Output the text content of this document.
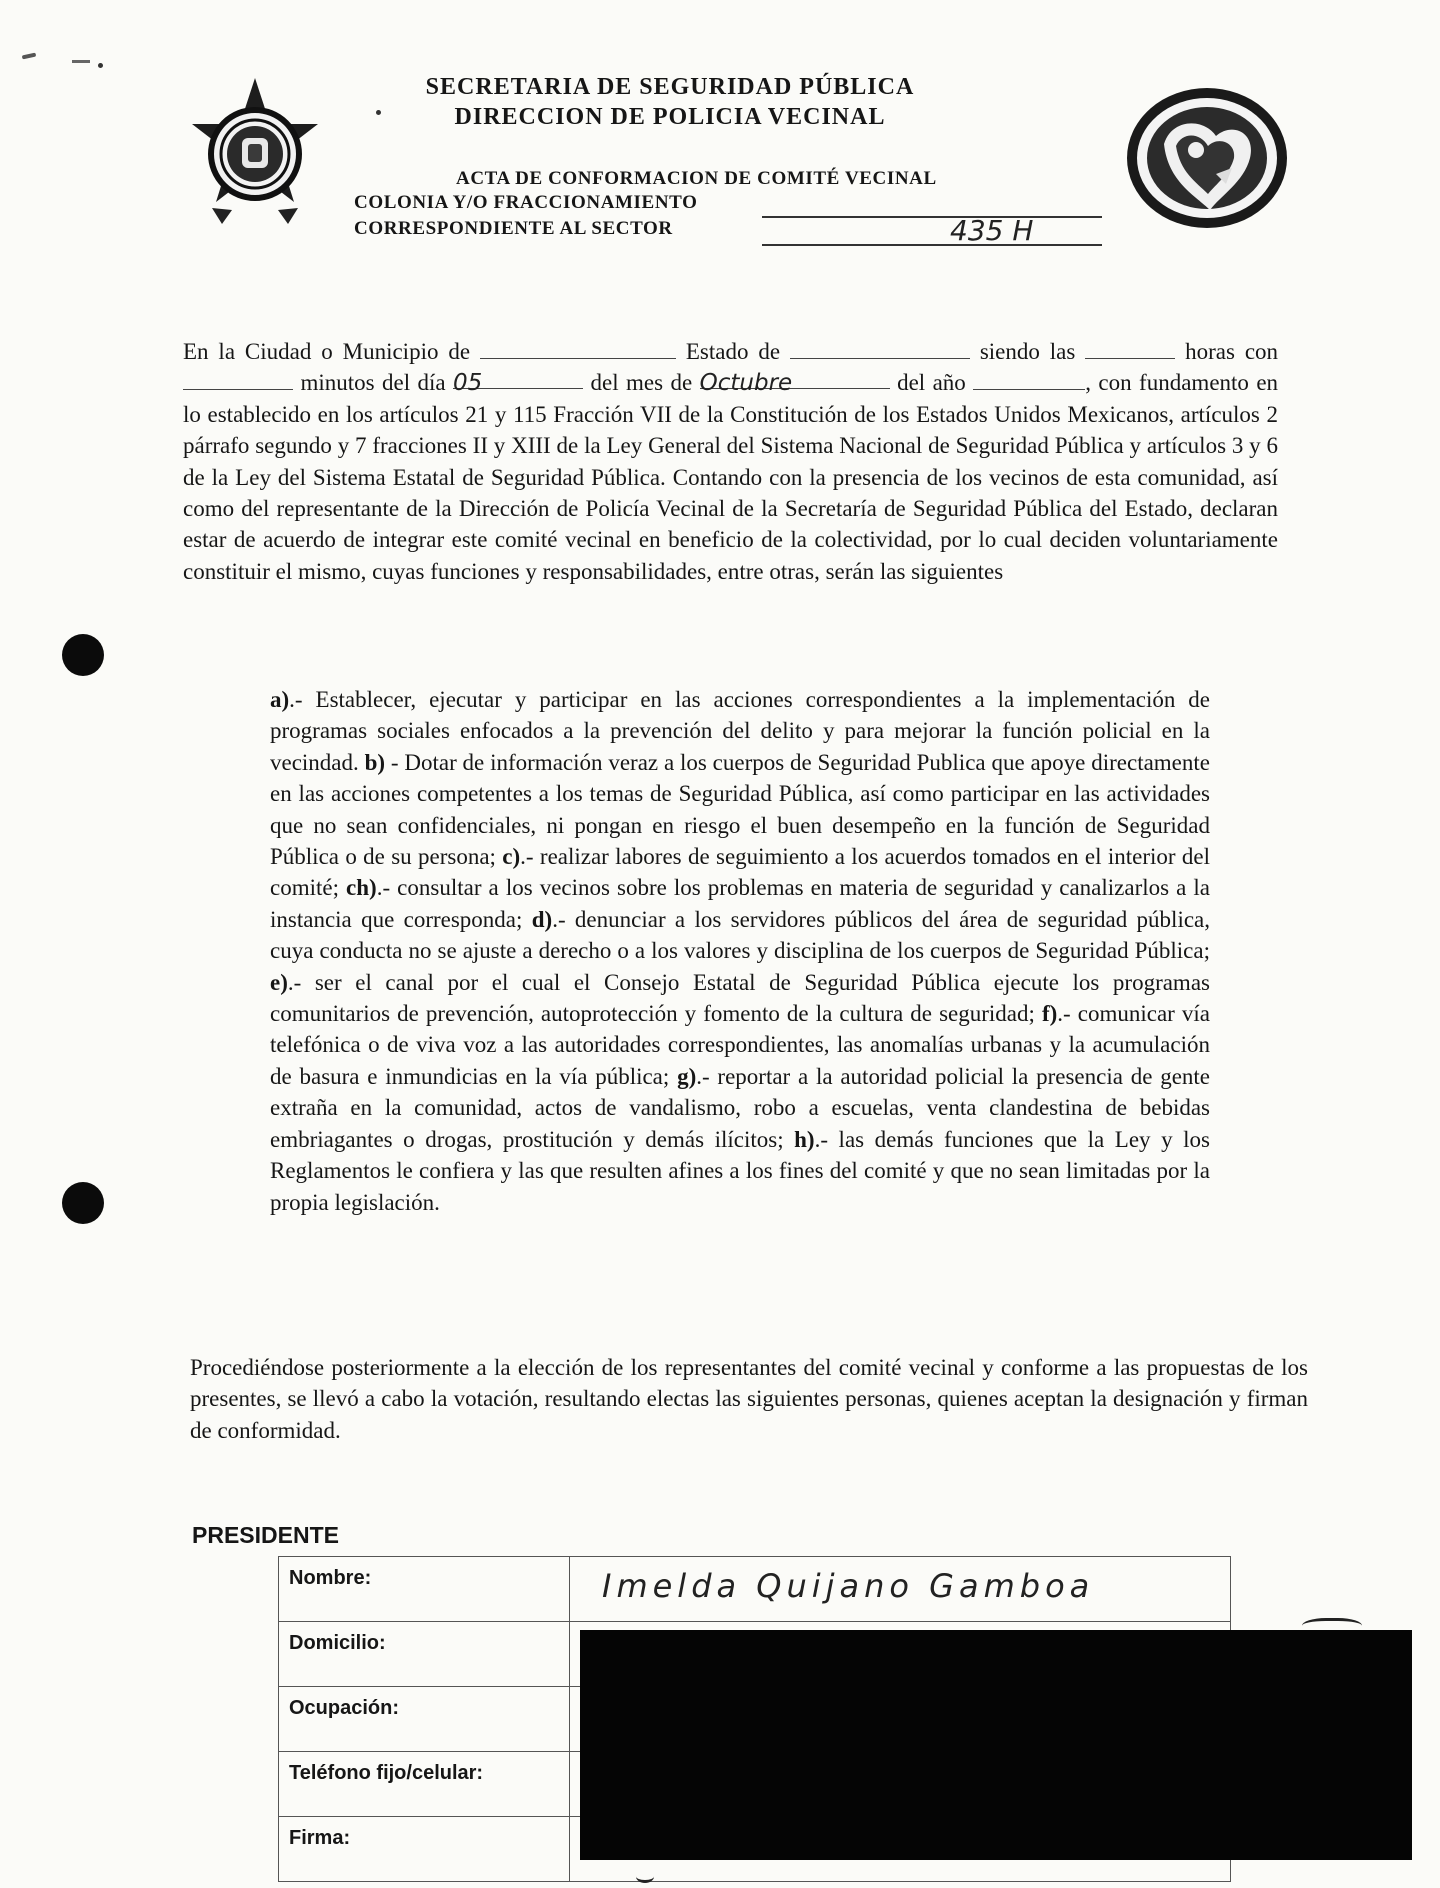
SECRETARIA DE SEGURIDAD PÚBLICA
DIRECCION DE POLICIA VECINAL
ACTA DE CONFORMACION DE COMITÉ VECINAL
COLONIA Y/O FRACCIONAMIENTO
CORRESPONDIENTE AL SECTOR	435 H
En la Ciudad o Municipio de	Estado de	siendo las	horas con  minutos del día 05	del mes de Octubre	del año	, con fundamento en lo establecido en los artículos 21 y 115 Fracción VII de la Constitución de los Estados Unidos Mexicanos, artículos 2 párrafo segundo y 7 fracciones II y XIII de la Ley General del Sistema Nacional de Seguridad Pública y artículos 3 y 6 de la Ley del Sistema Estatal de Seguridad Pública. Contando con la presencia de los vecinos de esta comunidad, así como del representante de la Dirección de Policía Vecinal de la Secretaría de Seguridad Pública del Estado, declaran estar de acuerdo de integrar este comité vecinal en beneficio de la colectividad, por lo cual deciden voluntariamente constituir el mismo, cuyas funciones y responsabilidades, entre otras, serán las siguientes
a).- Establecer, ejecutar y participar en las acciones correspondientes a la implementación de programas sociales enfocados a la prevención del delito y para mejorar la función policial en la vecindad. b) - Dotar de información veraz a los cuerpos de Seguridad Publica que apoye directamente en las acciones competentes a los temas de Seguridad Pública, así como participar en las actividades que no sean confidenciales, ni pongan en riesgo el buen desempeño en la función de Seguridad Pública o de su persona; c).- realizar labores de seguimiento a los acuerdos tomados en el interior del comité; ch).- consultar a los vecinos sobre los problemas en materia de seguridad y canalizarlos a la instancia que corresponda; d).- denunciar a los servidores públicos del área de seguridad pública, cuya conducta no se ajuste a derecho o a los valores y disciplina de los cuerpos de Seguridad Pública; e).- ser el canal por el cual el Consejo Estatal de Seguridad Pública ejecute los programas comunitarios de prevención, autoprotección y fomento de la cultura de seguridad; f).- comunicar vía telefónica o de viva voz a las autoridades correspondientes, las anomalías urbanas y la acumulación de basura e inmundicias en la vía pública; g).- reportar a la autoridad policial la presencia de gente extraña en la comunidad, actos de vandalismo, robo a escuelas, venta clandestina de bebidas embriagantes o drogas, prostitución y demás ilícitos; h).- las demás funciones que la Ley y los Reglamentos le confiera y las que resulten afines a los fines del comité y que no sean limitadas por la propia legislación.
Procediéndose posteriormente a la elección de los representantes del comité vecinal y conforme a las propuestas de los presentes, se llevó a cabo la votación, resultando electas las siguientes personas, quienes aceptan la designación y firman de conformidad.
PRESIDENTE
Nombre:	Imelda Quijano Gamboa
Domicilio:	
Ocupación:	
Teléfono fijo/celular:	
Firma:	
